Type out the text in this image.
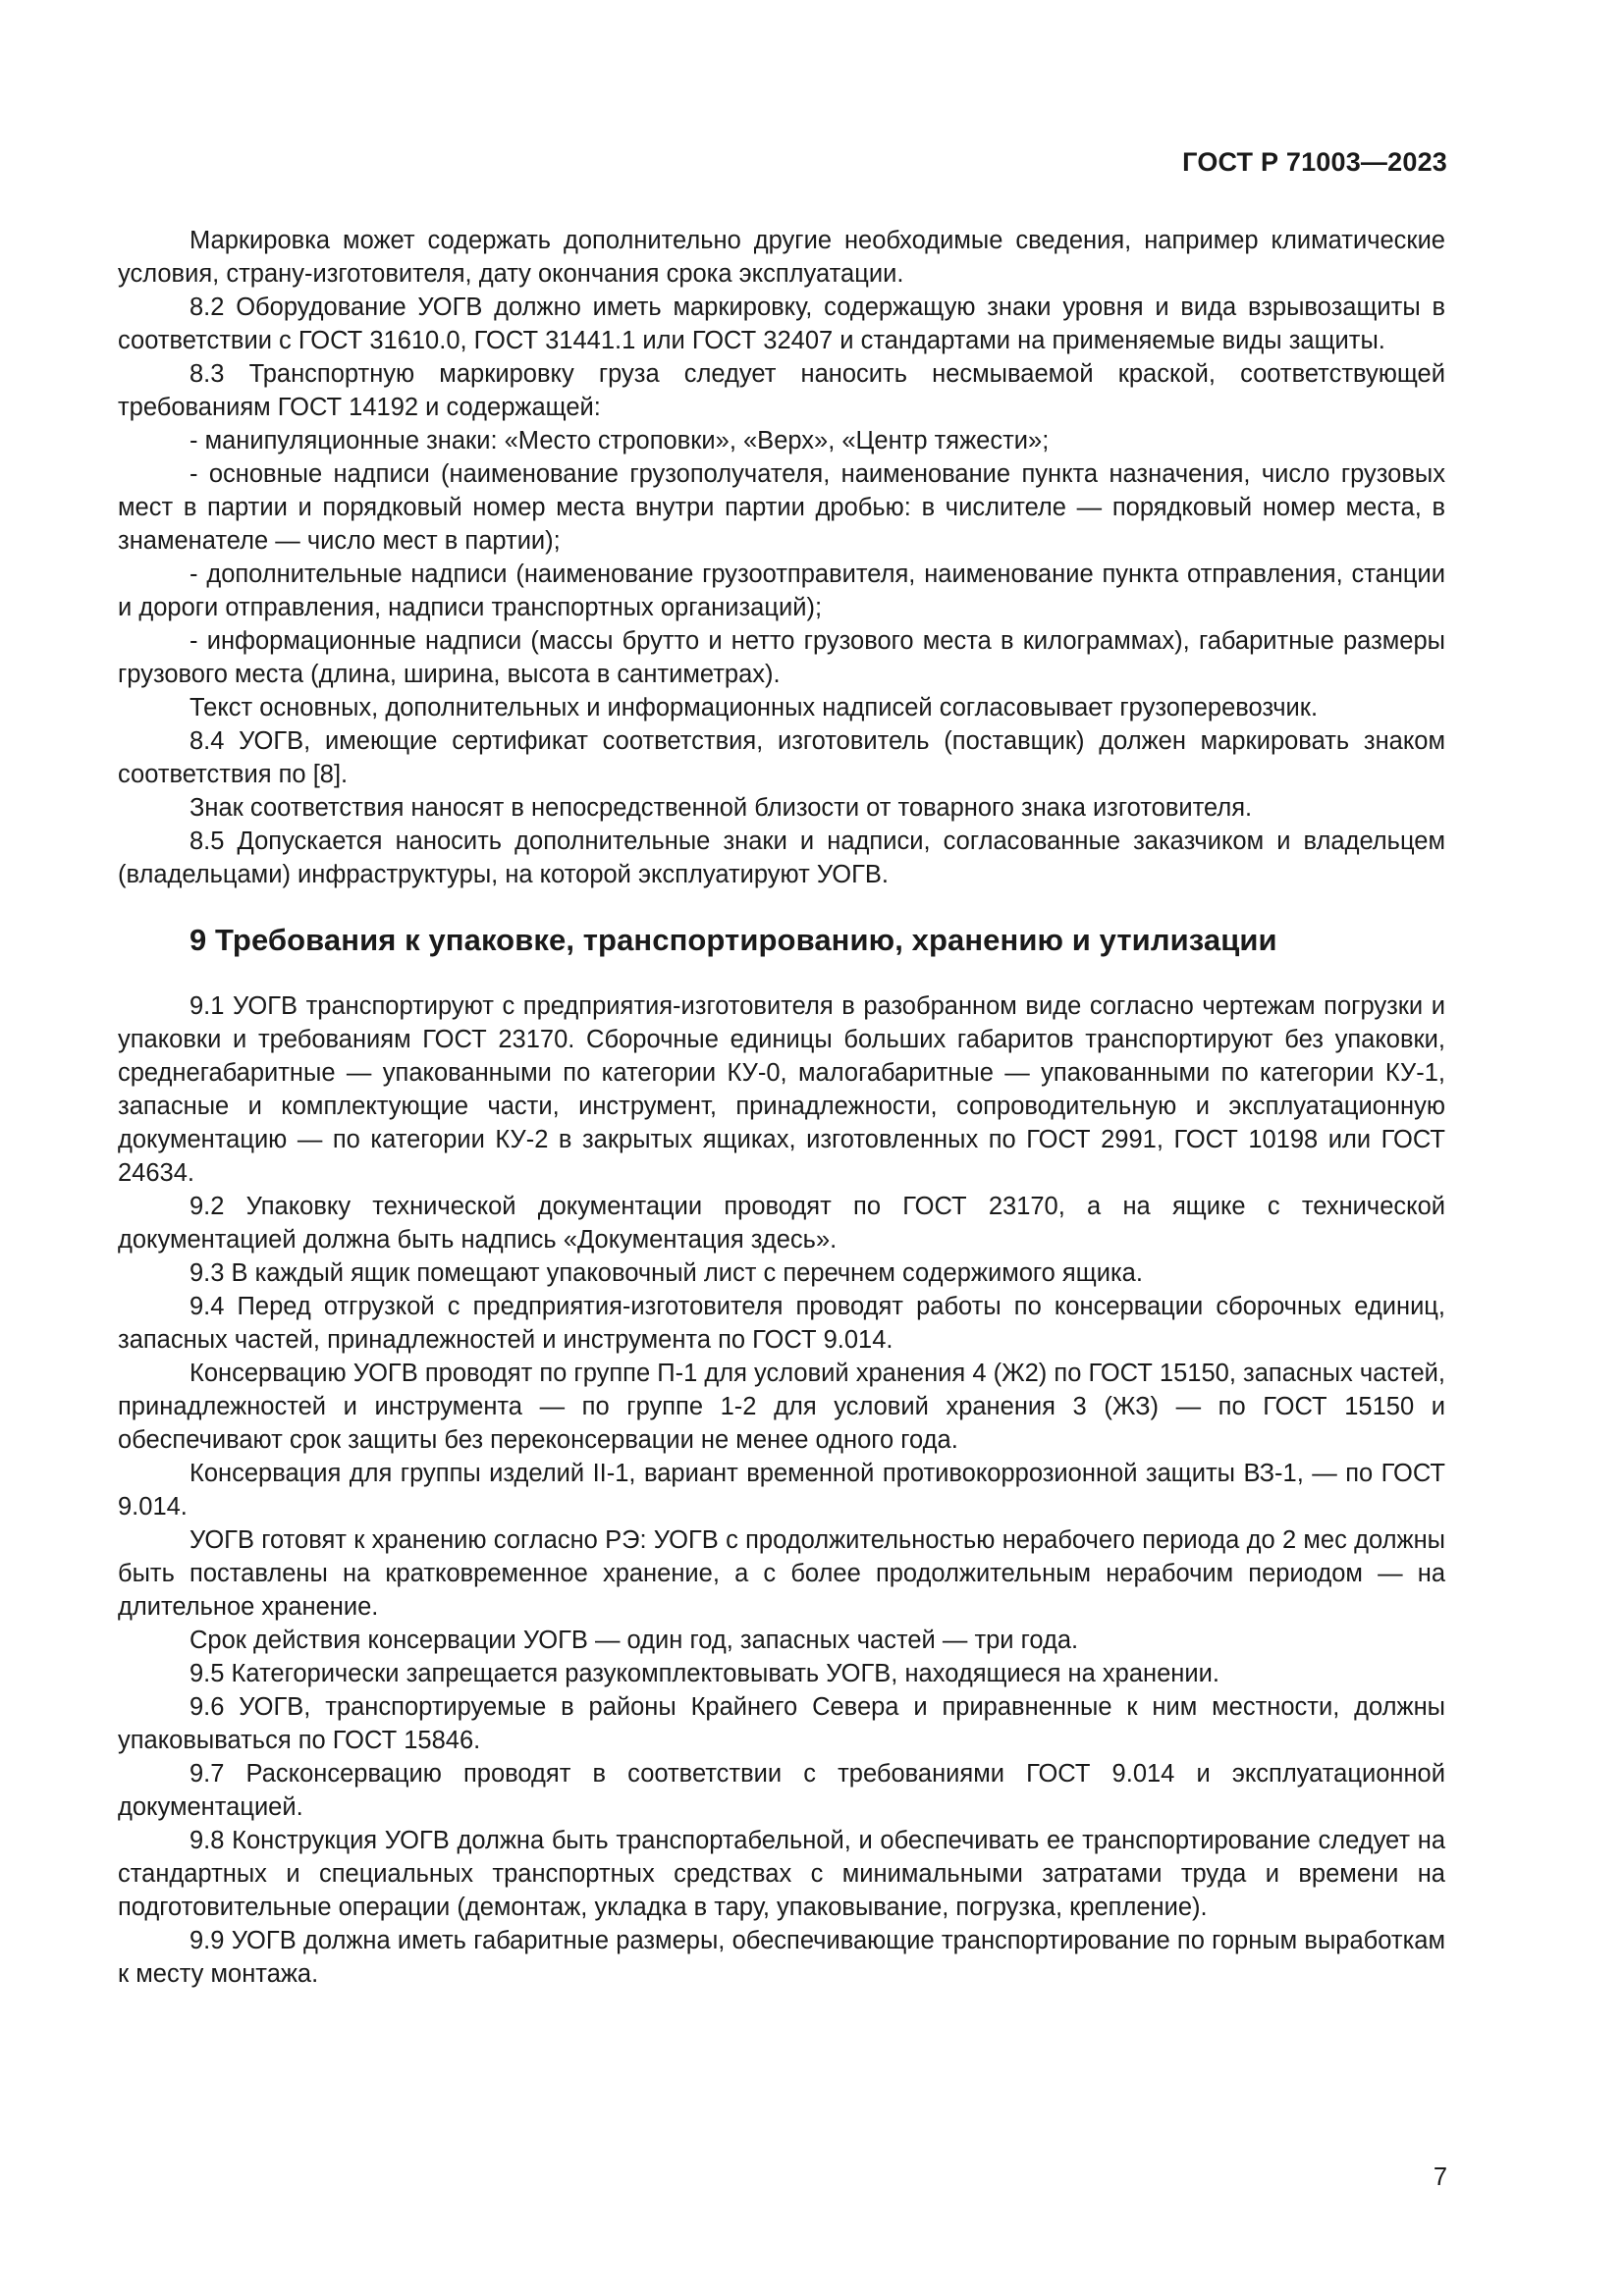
ГОСТ Р 71003—2023

Маркировка может содержать дополнительно другие необходимые сведения, например климатические условия, страну-изготовителя, дату окончания срока эксплуатации.

8.2 Оборудование УОГВ должно иметь маркировку, содержащую знаки уровня и вида взрывозащиты в соответствии с ГОСТ 31610.0, ГОСТ 31441.1 или ГОСТ 32407 и стандартами на применяемые виды защиты.

8.3 Транспортную маркировку груза следует наносить несмываемой краской, соответствующей требованиям ГОСТ 14192 и содержащей:

- манипуляционные знаки: «Место строповки», «Верх», «Центр тяжести»;

- основные надписи (наименование грузополучателя, наименование пункта назначения, число грузовых мест в партии и порядковый номер места внутри партии дробью: в числителе — порядковый номер места, в знаменателе — число мест в партии);

- дополнительные надписи (наименование грузоотправителя, наименование пункта отправления, станции и дороги отправления, надписи транспортных организаций);

- информационные надписи (массы брутто и нетто грузового места в килограммах), габаритные размеры грузового места (длина, ширина, высота в сантиметрах).

Текст основных, дополнительных и информационных надписей согласовывает грузоперевозчик.

8.4 УОГВ, имеющие сертификат соответствия, изготовитель (поставщик) должен маркировать знаком соответствия по [8].

Знак соответствия наносят в непосредственной близости от товарного знака изготовителя.

8.5 Допускается наносить дополнительные знаки и надписи, согласованные заказчиком и владельцем (владельцами) инфраструктуры, на которой эксплуатируют УОГВ.

9 Требования к упаковке, транспортированию, хранению и утилизации

9.1 УОГВ транспортируют с предприятия-изготовителя в разобранном виде согласно чертежам погрузки и упаковки и требованиям ГОСТ 23170. Сборочные единицы больших габаритов транспортируют без упаковки, среднегабаритные — упакованными по категории КУ-0, малогабаритные — упакованными по категории КУ-1, запасные и комплектующие части, инструмент, принадлежности, сопроводительную и эксплуатационную документацию — по категории КУ-2 в закрытых ящиках, изготовленных по ГОСТ 2991, ГОСТ 10198 или ГОСТ 24634.

9.2 Упаковку технической документации проводят по ГОСТ 23170, а на ящике с технической документацией должна быть надпись «Документация здесь».

9.3 В каждый ящик помещают упаковочный лист с перечнем содержимого ящика.

9.4 Перед отгрузкой с предприятия-изготовителя проводят работы по консервации сборочных единиц, запасных частей, принадлежностей и инструмента по ГОСТ 9.014.

Консервацию УОГВ проводят по группе П-1 для условий хранения 4 (Ж2) по ГОСТ 15150, запасных частей, принадлежностей и инструмента — по группе 1-2 для условий хранения 3 (ЖЗ) — по ГОСТ 15150 и обеспечивают срок защиты без переконсервации не менее одного года.

Консервация для группы изделий II-1, вариант временной противокоррозионной защиты ВЗ-1, — по ГОСТ 9.014.

УОГВ готовят к хранению согласно РЭ: УОГВ с продолжительностью нерабочего периода до 2 мес должны быть поставлены на кратковременное хранение, а с более продолжительным нерабочим периодом — на длительное хранение.

Срок действия консервации УОГВ — один год, запасных частей — три года.

9.5 Категорически запрещается разукомплектовывать УОГВ, находящиеся на хранении.

9.6 УОГВ, транспортируемые в районы Крайнего Севера и приравненные к ним местности, должны упаковываться по ГОСТ 15846.

9.7 Расконсервацию проводят в соответствии с требованиями ГОСТ 9.014 и эксплуатационной документацией.

9.8 Конструкция УОГВ должна быть транспортабельной, и обеспечивать ее транспортирование следует на стандартных и специальных транспортных средствах с минимальными затратами труда и времени на подготовительные операции (демонтаж, укладка в тару, упаковывание, погрузка, крепление).

9.9 УОГВ должна иметь габаритные размеры, обеспечивающие транспортирование по горным выработкам к месту монтажа.

7
